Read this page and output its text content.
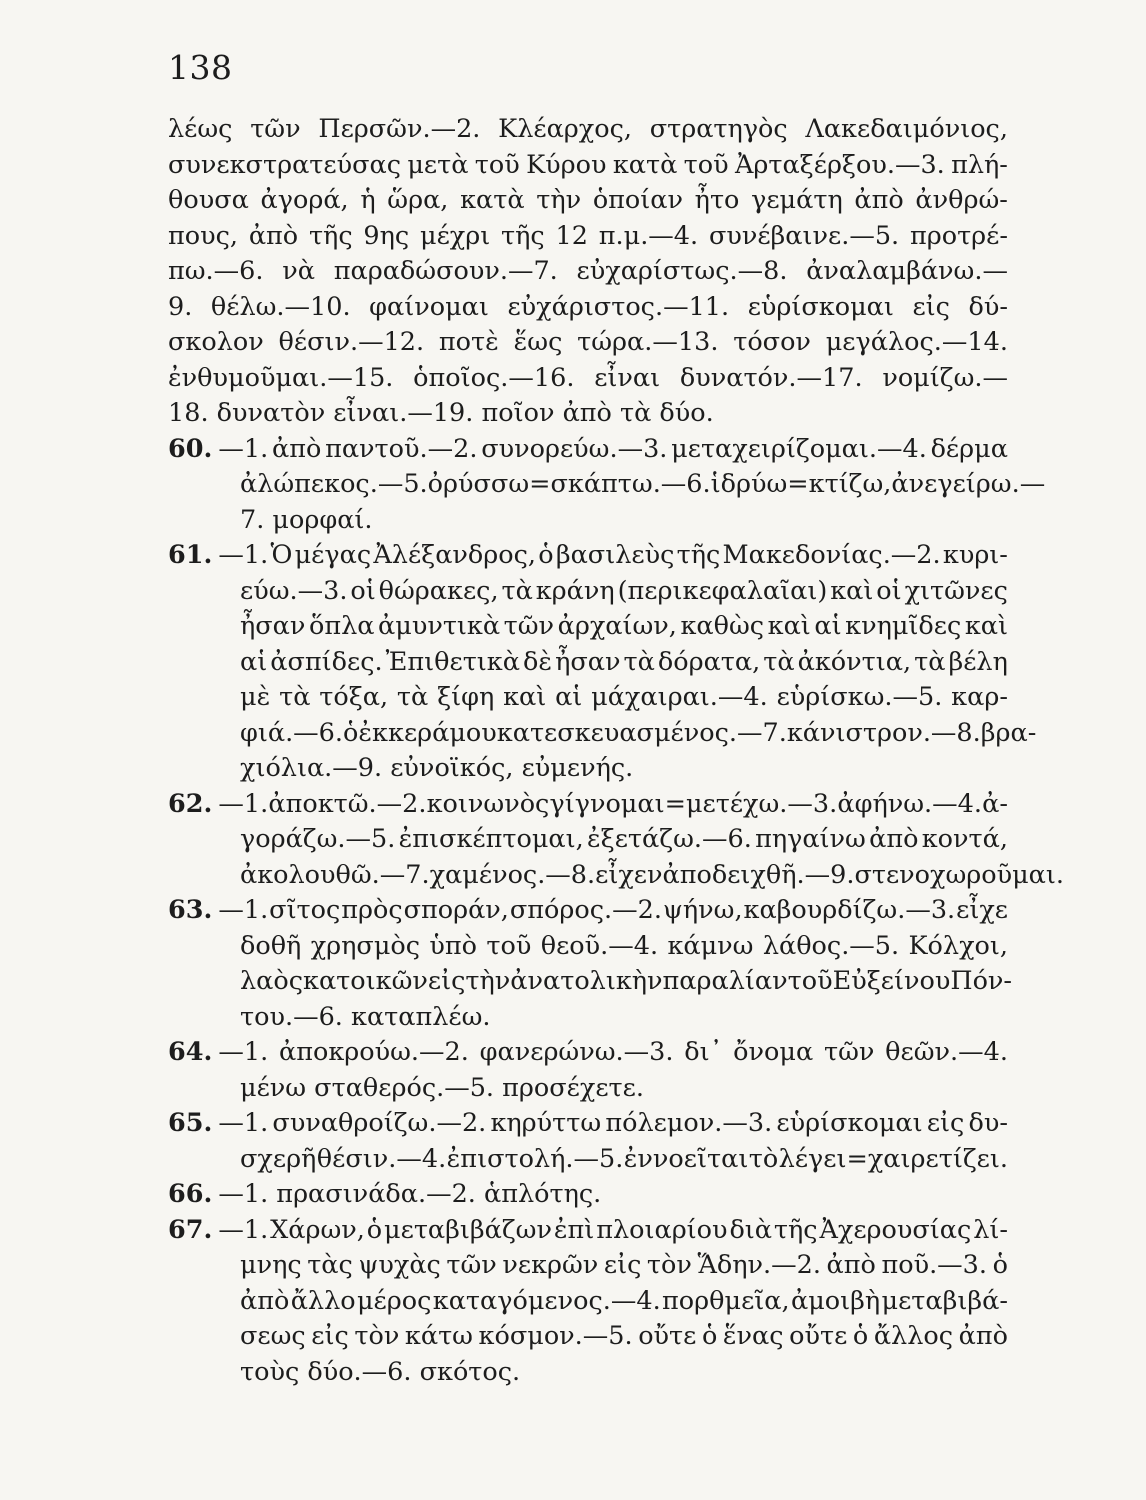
138
λέως τῶν Περσῶν.—2. Κλέαρχος, στρατηγὸς Λακεδαιμόνιος,
συνεκστρατεύσας μετὰ τοῦ Κύρου κατὰ τοῦ Ἀρταξέρξου.—3. πλή-
θουσα ἀγορά, ἡ ὥρα, κατὰ τὴν ὁποίαν ἦτο γεμάτη ἀπὸ ἀνθρώ-
πους, ἀπὸ τῆς 9ης μέχρι τῆς 12 π.μ.—4. συνέβαινε.—5. προτρέ-
πω.—6. νὰ παραδώσουν.—7. εὐχαρίστως.—8. ἀναλαμβάνω.—
9. θέλω.—10. φαίνομαι εὐχάριστος.—11. εὑρίσκομαι εἰς δύ-
σκολον θέσιν.—12. ποτὲ ἕως τώρα.—13. τόσον μεγάλος.—14.
ἐνθυμοῦμαι.—15. ὁποῖος.—16. εἶναι δυνατόν.—17. νομίζω.—
18. δυνατὸν εἶναι.—19. ποῖον ἀπὸ τὰ δύο.
60. —1. ἀπὸ παντοῦ.—2. συνορεύω.—3. μεταχειρίζομαι.—4. δέρμα
ἀλώπεκος.—5. ὀρύσσω=σκάπτω.—6. ἱδρύω=κτίζω, ἀνεγείρω.—
7. μορφαί.
61. —1. Ὁ μέγας Ἀλέξανδρος, ὁ βασιλεὺς τῆς Μακεδονίας.—2. κυρι-
εύω.—3. οἱ θώρακες, τὰ κράνη (περικεφαλαῖαι) καὶ οἱ χιτῶνες
ἦσαν ὅπλα ἀμυντικὰ τῶν ἀρχαίων, καθὼς καὶ αἱ κνημῖδες καὶ
αἱ ἀσπίδες. Ἐπιθετικὰ δὲ ἦσαν τὰ δόρατα, τὰ ἀκόντια, τὰ βέλη
μὲ τὰ τόξα, τὰ ξίφη καὶ αἱ μάχαιραι.—4. εὑρίσκω.—5. καρ-
φιά.—6. ὁ ἐκ κεράμου κατεσκευασμένος.—7. κάνιστρον.—8. βρα-
χιόλια.—9. εὐνοϊκός, εὐμενής.
62. —1. ἀποκτῶ.—2. κοινωνὸς γίγνομαι=μετέχω.—3. ἀφήνω.—4. ἀ-
γοράζω.—5. ἐπισκέπτομαι, ἐξετάζω.—6. πηγαίνω ἀπὸ κοντά,
ἀκολουθῶ.—7. χαμένος.—8. εἶχεν ἀποδειχθῆ.—9. στενοχωροῦμαι.
63. —1. σῖτος πρὸς σποράν, σπόρος.—2. ψήνω, καβουρδίζω.—3. εἶχε
δοθῆ χρησμὸς ὑπὸ τοῦ θεοῦ.—4. κάμνω λάθος.—5. Κόλχοι,
λαὸς κατοικῶν εἰς τὴν ἀνατολικὴν παραλίαν τοῦ Εὐξείνου Πόν-
του.—6. καταπλέω.
64. —1. ἀποκρούω.—2. φανερώνω.—3. δι᾿ ὄνομα τῶν θεῶν.—4.
μένω σταθερός.—5. προσέχετε.
65. —1. συναθροίζω.—2. κηρύττω πόλεμον.—3. εὑρίσκομαι εἰς δυ-
σχερῆ θέσιν.—4. ἐπιστολή.—5. ἐννοεῖται τὸ λέγει=χαιρετίζει.
66. —1. πρασινάδα.—2. ἁπλότης.
67. —1. Χάρων, ὁ μεταβιβάζων ἐπὶ πλοιαρίου διὰ τῆς Ἀχερουσίας λί-
μνης τὰς ψυχὰς τῶν νεκρῶν εἰς τὸν Ἅδην.—2. ἀπὸ ποῦ.—3. ὁ
ἀπὸ ἄλλο μέρος καταγόμενος.—4. πορθμεῖα, ἀμοιβὴ μεταβιβά-
σεως εἰς τὸν κάτω κόσμον.—5. οὔτε ὁ ἕνας οὔτε ὁ ἄλλος ἀπὸ
τοὺς δύο.—6. σκότος.
